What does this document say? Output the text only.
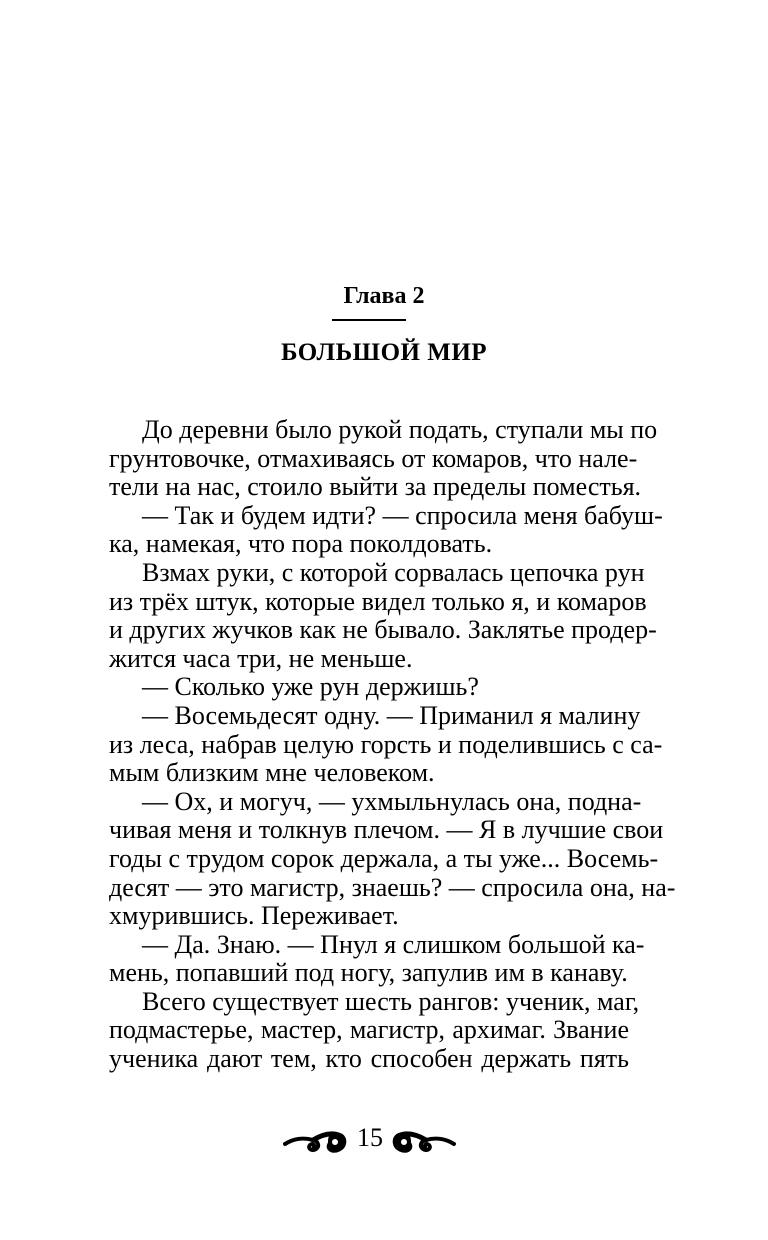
Глава 2
БОЛЬШОЙ МИР
До деревни было рукой подать, ступали мы по
грунтовочке, отмахиваясь от комаров, что нале-
тели на нас, стоило выйти за пределы поместья.
— Так и будем идти? — спросила меня бабуш-
ка, намекая, что пора поколдовать.
Взмах руки, с которой сорвалась цепочка рун
из трёх штук, которые видел только я, и комаров
и других жучков как не бывало. Заклятье продер-
жится часа три, не меньше.
— Сколько уже рун держишь?
— Восемьдесят одну. — Приманил я малину
из леса, набрав целую горсть и поделившись с са-
мым близким мне человеком.
— Ох, и могуч, — ухмыльнулась она, подна-
чивая меня и толкнув плечом. — Я в лучшие свои
годы с трудом сорок держала, а ты уже... Восемь-
десят — это магистр, знаешь? — спросила она, на-
хмурившись. Переживает.
— Да. Знаю. — Пнул я слишком большой ка-
мень, попавший под ногу, запулив им в канаву.
Всего существует шесть рангов: ученик, маг,
подмастерье, мастер, магистр, архимаг. Звание
ученика дают тем, кто способен держать пять
15
